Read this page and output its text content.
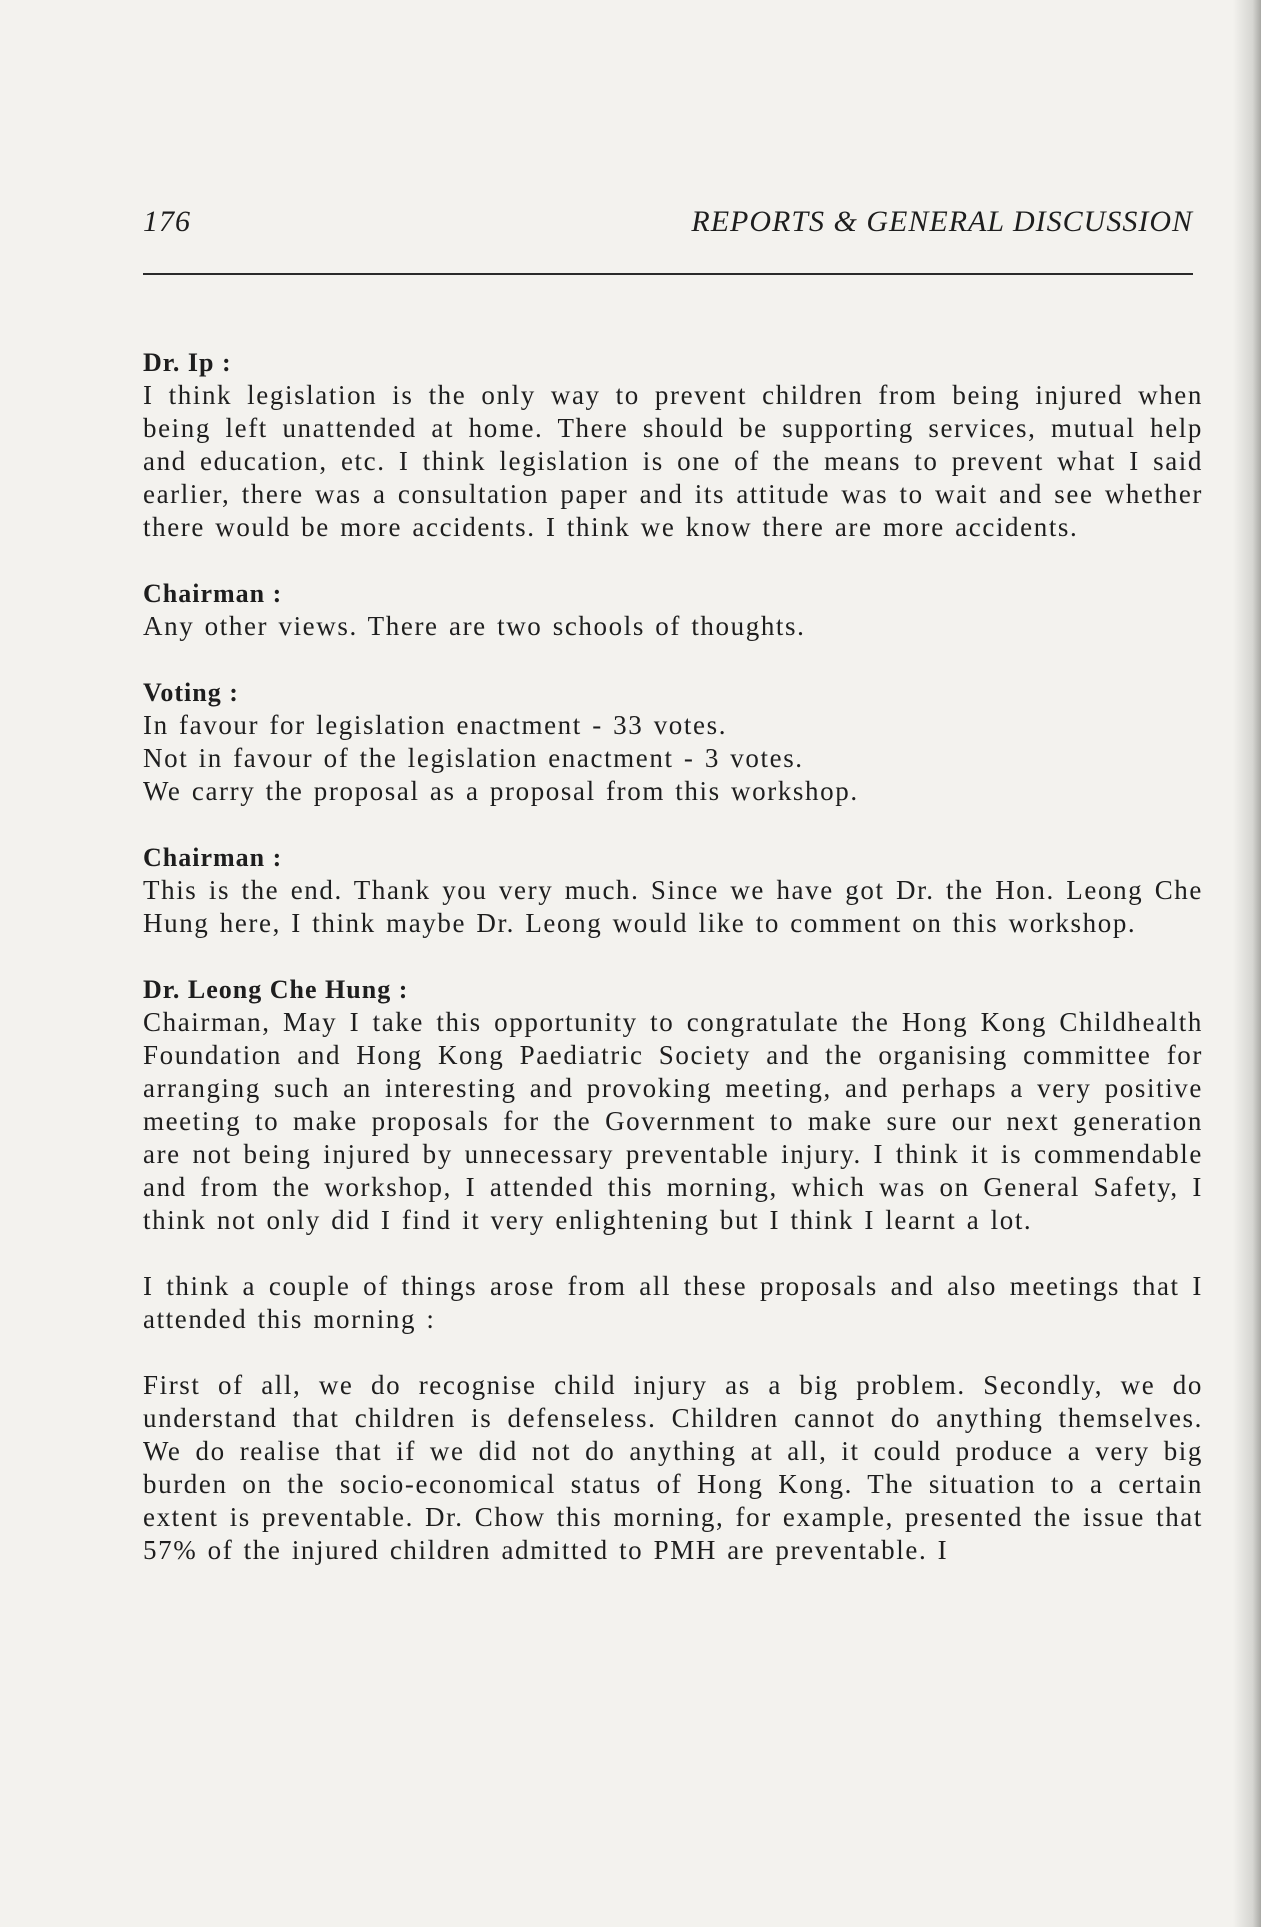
176	REPORTS & GENERAL DISCUSSION
Dr. Ip :

I think legislation is the only way to prevent children from being injured when being left unattended at home. There should be supporting services, mutual help and education, etc. I think legislation is one of the means to prevent what I said earlier, there was a consultation paper and its attitude was to wait and see whether there would be more accidents. I think we know there are more accidents.

Chairman :

Any other views. There are two schools of thoughts.

Voting :
In favour for legislation enactment - 33 votes.
Not in favour of the legislation enactment - 3 votes.
We carry the proposal as a proposal from this workshop.
Chairman :

This is the end. Thank you very much. Since we have got Dr. the Hon. Leong Che Hung here, I think maybe Dr. Leong would like to comment on this workshop.

Dr. Leong Che Hung :

Chairman, May I take this opportunity to congratulate the Hong Kong Childhealth Foundation and Hong Kong Paediatric Society and the organising committee for arranging such an interesting and provoking meeting, and perhaps a very positive meeting to make proposals for the Government to make sure our next generation are not being injured by unnecessary preventable injury. I think it is commendable and from the workshop, I attended this morning, which was on General Safety, I think not only did I find it very enlightening but I think I learnt a lot.

I think a couple of things arose from all these proposals and also meetings that I attended this morning :

First of all, we do recognise child injury as a big problem. Secondly, we do understand that children is defenseless. Children cannot do anything themselves. We do realise that if we did not do anything at all, it could produce a very big burden on the socio-economical status of Hong Kong. The situation to a certain extent is preventable. Dr. Chow this morning, for example, presented the issue that 57% of the injured children admitted to PMH are preventable. I
